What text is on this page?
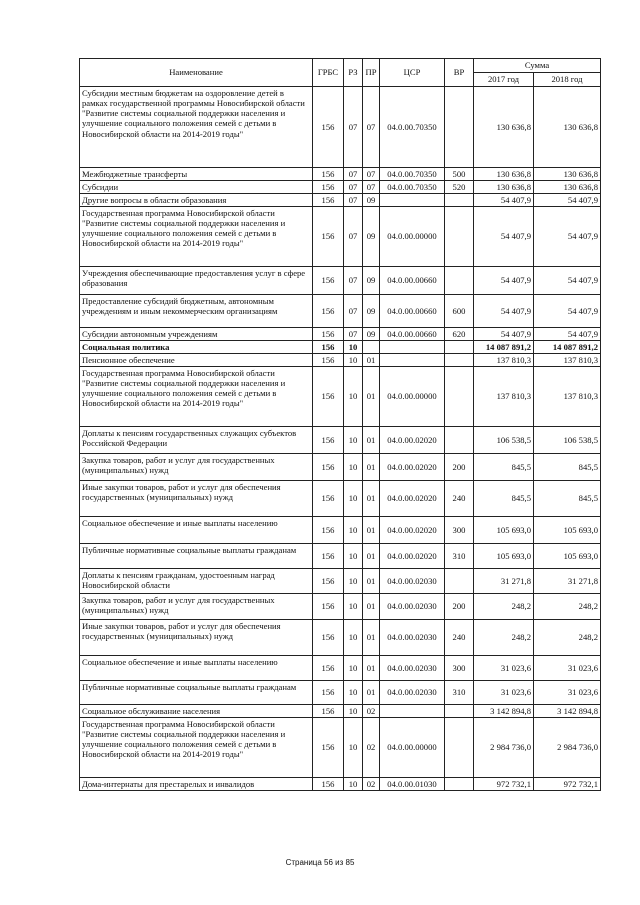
Наименование	ГРБС	РЗ	ПР	ЦСР	ВР	Сумма	
						2017 год	2018 год
Субсидии местным бюджетам на оздоровление детей в рамках государственной программы Новосибирской области "Развитие системы социальной поддержки населения и улучшение социального положения семей с детьми в Новосибирской области на 2014-2019 годы"	156	07	07	04.0.00.70350		130 636,8	130 636,8
Межбюджетные трансферты	156	07	07	04.0.00.70350	500	130 636,8	130 636,8
Субсидии	156	07	07	04.0.00.70350	520	130 636,8	130 636,8
Другие вопросы в области образования	156	07	09			54 407,9	54 407,9
Государственная программа Новосибирской области "Развитие системы социальной поддержки населения и улучшение социального положения семей с детьми в Новосибирской области на 2014-2019 годы"	156	07	09	04.0.00.00000		54 407,9	54 407,9
Учреждения обеспечивающие предоставления услуг в сфере образования	156	07	09	04.0.00.00660		54 407,9	54 407,9
Предоставление субсидий бюджетным, автономным учреждениям и иным некоммерческим организациям	156	07	09	04.0.00.00660	600	54 407,9	54 407,9
Субсидии автономным учреждениям	156	07	09	04.0.00.00660	620	54 407,9	54 407,9
Социальная политика	156	10				14 087 891,2	14 087 891,2
Пенсионное обеспечение	156	10	01			137 810,3	137 810,3
Государственная программа Новосибирской области "Развитие системы социальной поддержки населения и улучшение социального положения семей с детьми в Новосибирской области на 2014-2019 годы"	156	10	01	04.0.00.00000		137 810,3	137 810,3
Доплаты к пенсиям государственных служащих субъектов Российской Федерации	156	10	01	04.0.00.02020		106 538,5	106 538,5
Закупка товаров, работ и услуг для государственных (муниципальных) нужд	156	10	01	04.0.00.02020	200	845,5	845,5
Иные закупки товаров, работ и услуг для обеспечения государственных (муниципальных) нужд	156	10	01	04.0.00.02020	240	845,5	845,5
Социальное обеспечение и иные выплаты населению	156	10	01	04.0.00.02020	300	105 693,0	105 693,0
Публичные нормативные социальные выплаты гражданам	156	10	01	04.0.00.02020	310	105 693,0	105 693,0
Доплаты к пенсиям гражданам, удостоенным наград Новосибирской области	156	10	01	04.0.00.02030		31 271,8	31 271,8
Закупка товаров, работ и услуг для государственных (муниципальных) нужд	156	10	01	04.0.00.02030	200	248,2	248,2
Иные закупки товаров, работ и услуг для обеспечения государственных (муниципальных) нужд	156	10	01	04.0.00.02030	240	248,2	248,2
Социальное обеспечение и иные выплаты населению	156	10	01	04.0.00.02030	300	31 023,6	31 023,6
Публичные нормативные социальные выплаты гражданам	156	10	01	04.0.00.02030	310	31 023,6	31 023,6
Социальное обслуживание населения	156	10	02			3 142 894,8	3 142 894,8
Государственная программа Новосибирской области "Развитие системы социальной поддержки населения и улучшение социального положения семей с детьми в Новосибирской области на 2014-2019 годы"	156	10	02	04.0.00.00000		2 984 736,0	2 984 736,0
Дома-интернаты для престарелых и инвалидов	156	10	02	04.0.00.01030		972 732,1	972 732,1
Страница 56 из 85
